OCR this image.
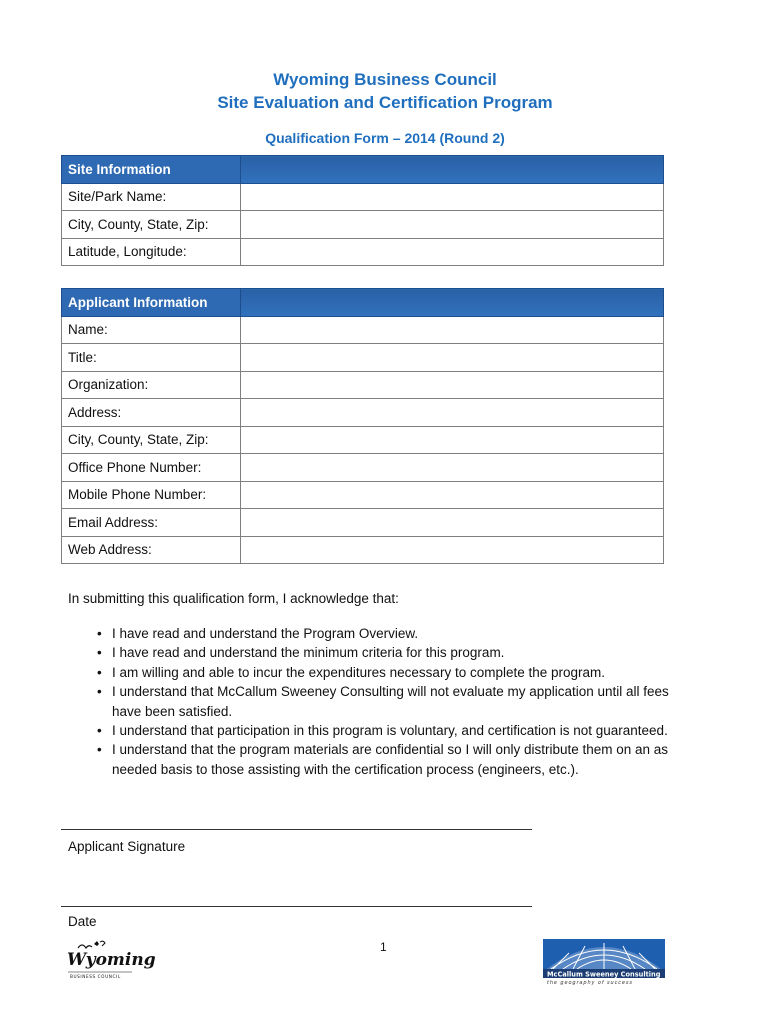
Wyoming Business Council
Site Evaluation and Certification Program
Qualification Form – 2014 (Round 2)
Site Information	
Site/Park Name:	
City, County, State, Zip:	
Latitude, Longitude:	
Applicant Information	
Name:	
Title:	
Organization:	
Address:	
City, County, State, Zip:	
Office Phone Number:	
Mobile Phone Number:	
Email Address:	
Web Address:	
In submitting this qualification form, I acknowledge that:
• I have read and understand the Program Overview.
• I have read and understand the minimum criteria for this program.
• I am willing and able to incur the expenditures necessary to complete the program.
• I understand that McCallum Sweeney Consulting will not evaluate my application until all fees have been satisfied.
• I understand that participation in this program is voluntary, and certification is not guaranteed.
• I understand that the program materials are confidential so I will only distribute them on an as needed basis to those assisting with the certification process (engineers, etc.).
Applicant Signature
Date
1
Wyoming
BUSINESS COUNCIL	McCallum Sweeney Consulting
the geography of success
